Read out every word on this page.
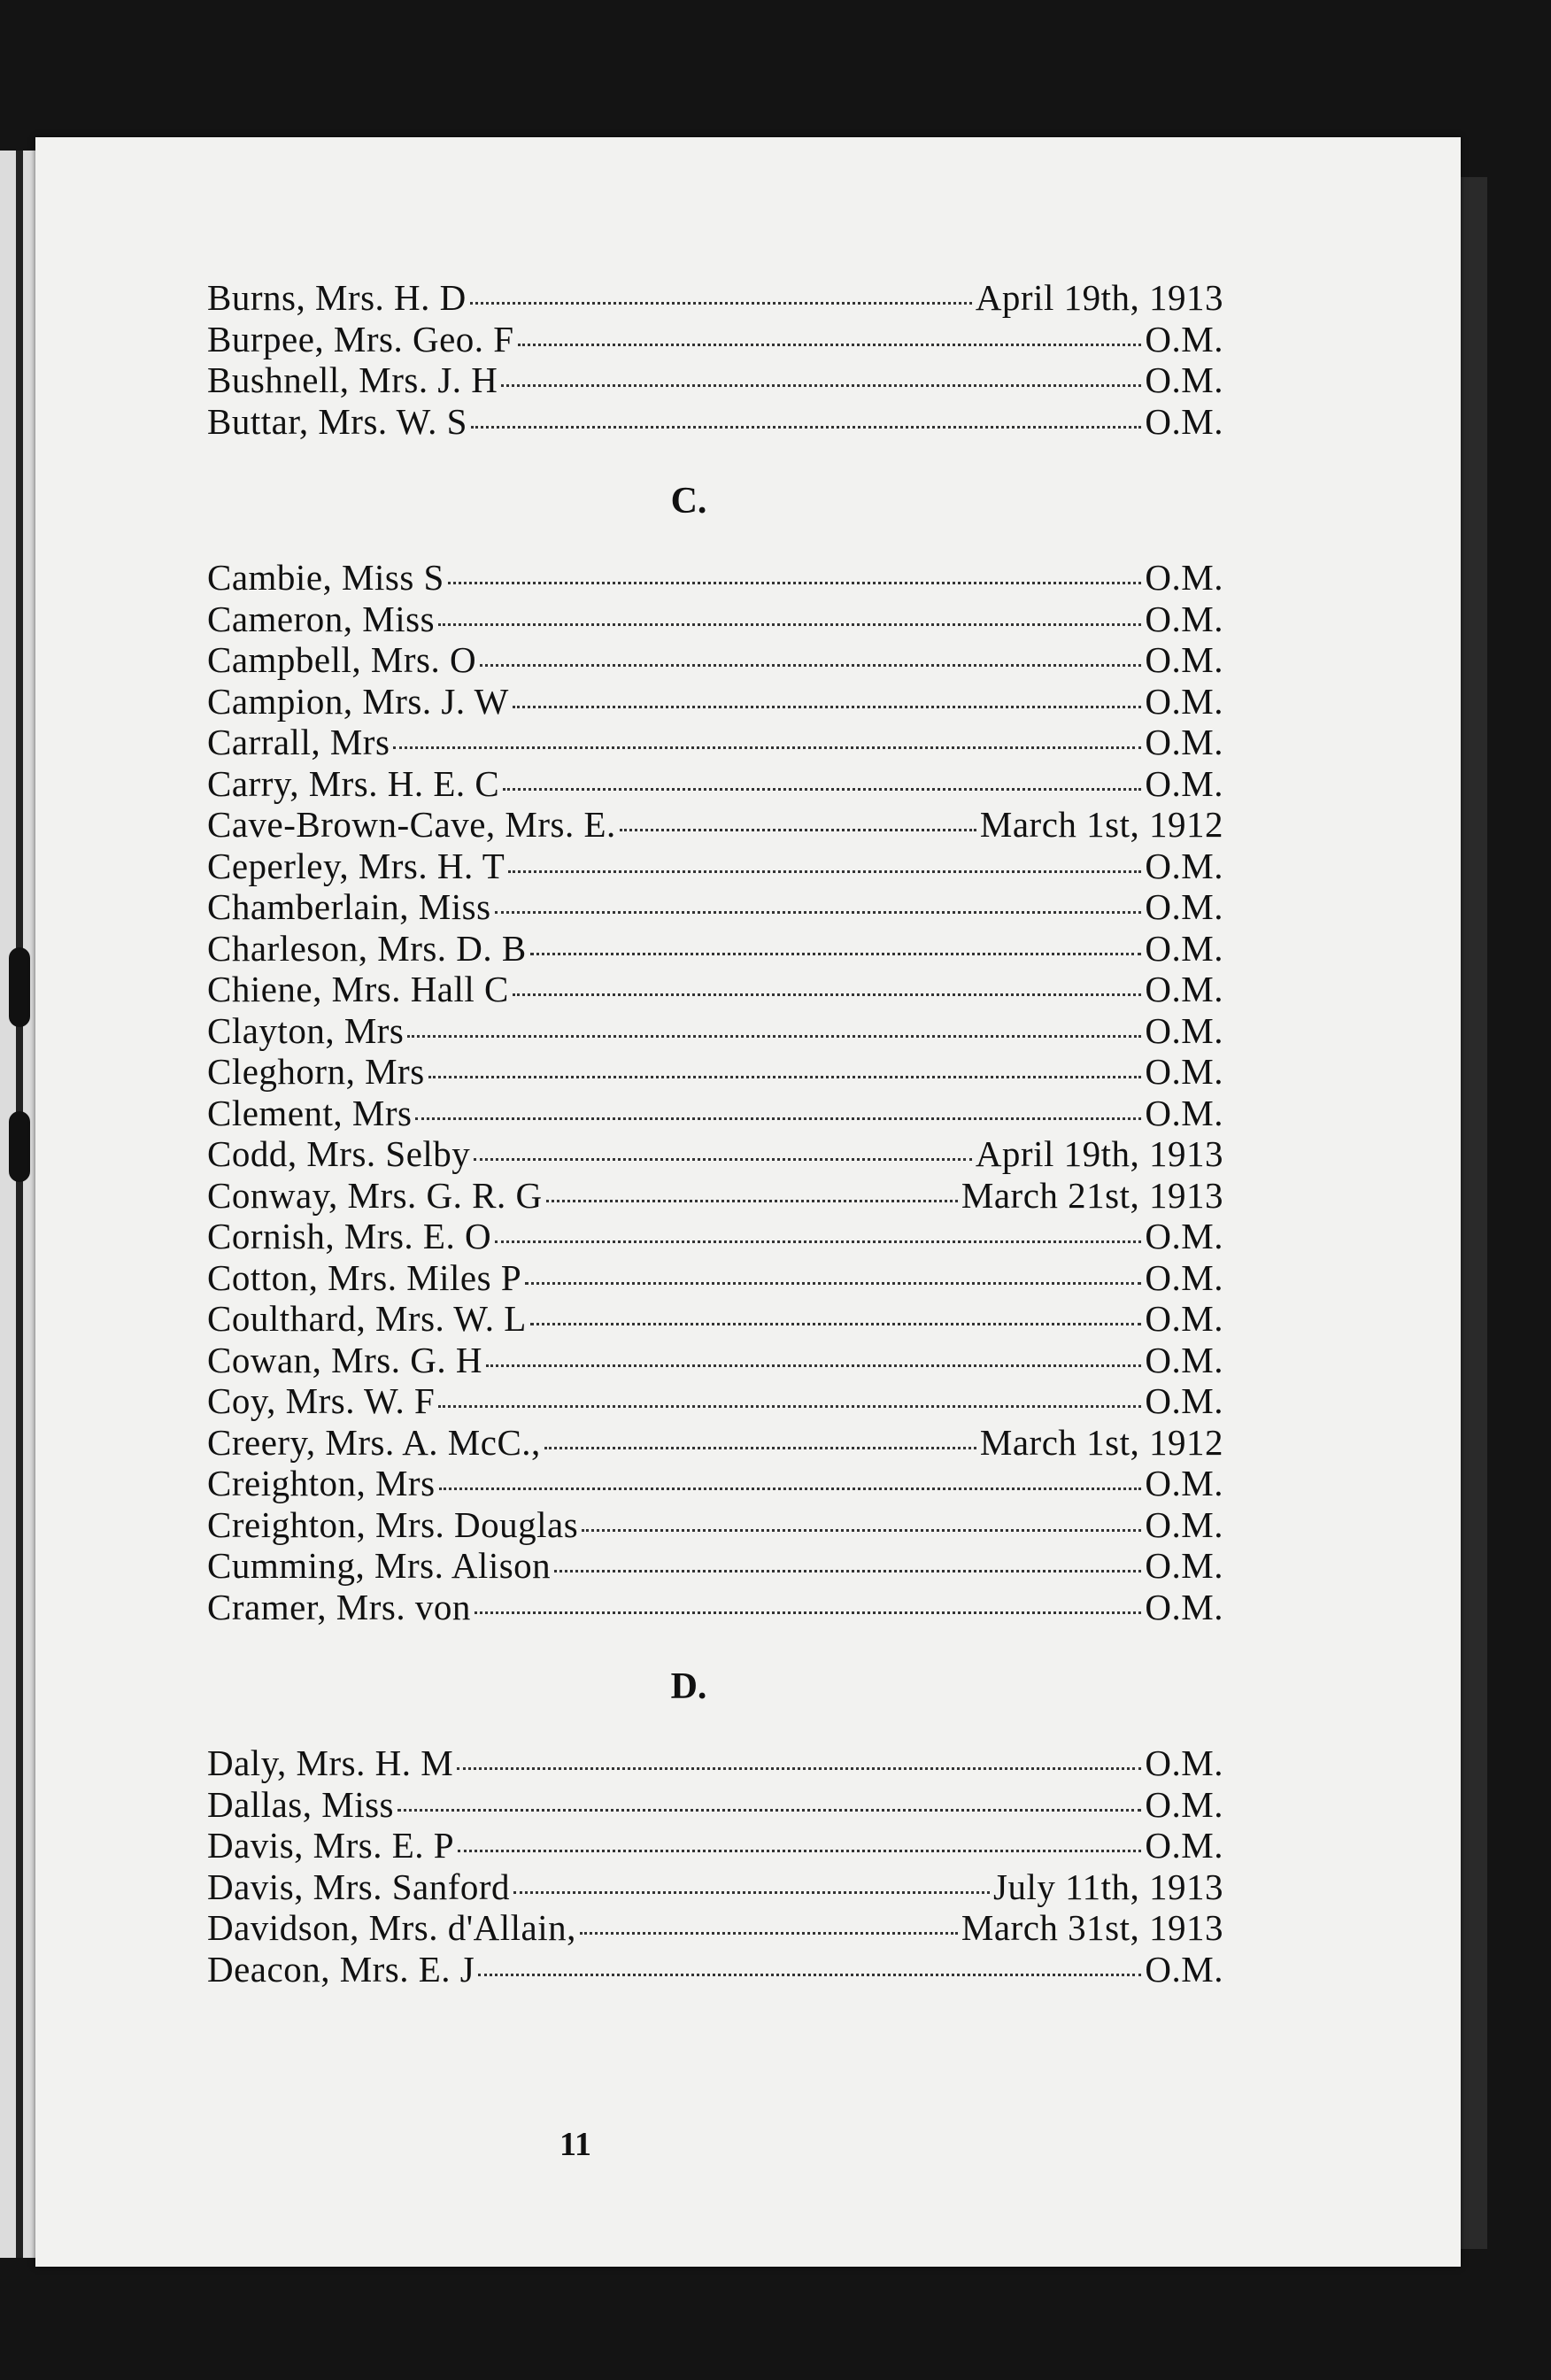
Burns, Mrs. H. D	April 19th, 1913
Burpee, Mrs. Geo. F	O.M.
Bushnell, Mrs. J. H	O.M.
Buttar, Mrs. W. S	O.M.
C.
Cambie, Miss S	O.M.
Cameron, Miss	O.M.
Campbell, Mrs. O	O.M.
Campion, Mrs. J. W	O.M.
Carrall, Mrs	O.M.
Carry, Mrs. H. E. C	O.M.
Cave-Brown-Cave, Mrs. E.	March 1st, 1912
Ceperley, Mrs. H. T	O.M.
Chamberlain, Miss	O.M.
Charleson, Mrs. D. B	O.M.
Chiene, Mrs. Hall C	O.M.
Clayton, Mrs	O.M.
Cleghorn, Mrs	O.M.
Clement, Mrs	O.M.
Codd, Mrs. Selby	April 19th, 1913
Conway, Mrs. G. R. G	March 21st, 1913
Cornish, Mrs. E. O	O.M.
Cotton, Mrs. Miles P	O.M.
Coulthard, Mrs. W. L	O.M.
Cowan, Mrs. G. H	O.M.
Coy, Mrs. W. F	O.M.
Creery, Mrs. A. McC.,	March 1st, 1912
Creighton, Mrs	O.M.
Creighton, Mrs. Douglas	O.M.
Cumming, Mrs. Alison	O.M.
Cramer, Mrs. von	O.M.
D.
Daly, Mrs. H. M	O.M.
Dallas, Miss	O.M.
Davis, Mrs. E. P	O.M.
Davis, Mrs. Sanford	July 11th, 1913
Davidson, Mrs. d'Allain,	March 31st, 1913
Deacon, Mrs. E. J	O.M.
11
